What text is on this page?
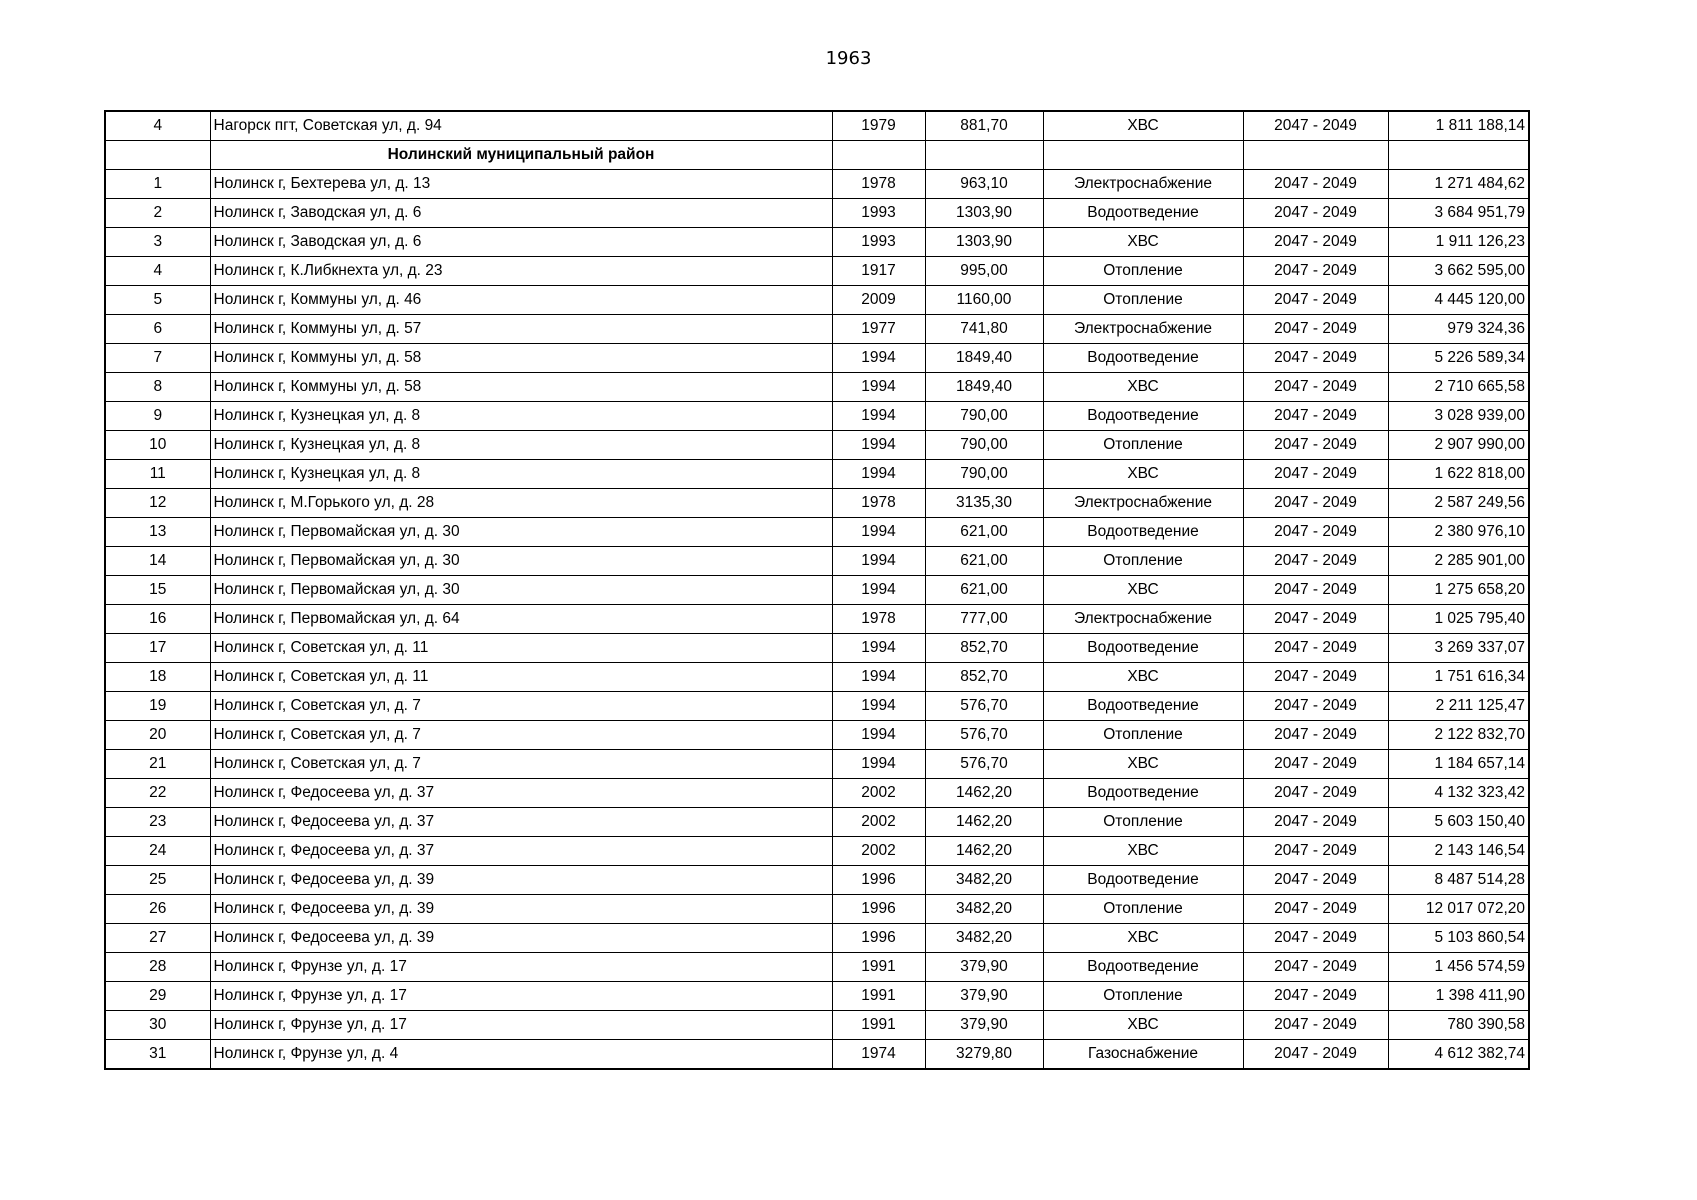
1963
4	Нагорск пгт, Советская ул, д. 94	1979	881,70	ХВС	2047 - 2049	1 811 188,14
	Нолинский муниципальный район					
1	Нолинск г, Бехтерева ул, д. 13	1978	963,10	Электроснабжение	2047 - 2049	1 271 484,62
2	Нолинск г, Заводская ул, д. 6	1993	1303,90	Водоотведение	2047 - 2049	3 684 951,79
3	Нолинск г, Заводская ул, д. 6	1993	1303,90	ХВС	2047 - 2049	1 911 126,23
4	Нолинск г, К.Либкнехта ул, д. 23	1917	995,00	Отопление	2047 - 2049	3 662 595,00
5	Нолинск г, Коммуны ул, д. 46	2009	1160,00	Отопление	2047 - 2049	4 445 120,00
6	Нолинск г, Коммуны ул, д. 57	1977	741,80	Электроснабжение	2047 - 2049	979 324,36
7	Нолинск г, Коммуны ул, д. 58	1994	1849,40	Водоотведение	2047 - 2049	5 226 589,34
8	Нолинск г, Коммуны ул, д. 58	1994	1849,40	ХВС	2047 - 2049	2 710 665,58
9	Нолинск г, Кузнецкая ул, д. 8	1994	790,00	Водоотведение	2047 - 2049	3 028 939,00
10	Нолинск г, Кузнецкая ул, д. 8	1994	790,00	Отопление	2047 - 2049	2 907 990,00
11	Нолинск г, Кузнецкая ул, д. 8	1994	790,00	ХВС	2047 - 2049	1 622 818,00
12	Нолинск г, М.Горького ул, д. 28	1978	3135,30	Электроснабжение	2047 - 2049	2 587 249,56
13	Нолинск г, Первомайская ул, д. 30	1994	621,00	Водоотведение	2047 - 2049	2 380 976,10
14	Нолинск г, Первомайская ул, д. 30	1994	621,00	Отопление	2047 - 2049	2 285 901,00
15	Нолинск г, Первомайская ул, д. 30	1994	621,00	ХВС	2047 - 2049	1 275 658,20
16	Нолинск г, Первомайская ул, д. 64	1978	777,00	Электроснабжение	2047 - 2049	1 025 795,40
17	Нолинск г, Советская ул, д. 11	1994	852,70	Водоотведение	2047 - 2049	3 269 337,07
18	Нолинск г, Советская ул, д. 11	1994	852,70	ХВС	2047 - 2049	1 751 616,34
19	Нолинск г, Советская ул, д. 7	1994	576,70	Водоотведение	2047 - 2049	2 211 125,47
20	Нолинск г, Советская ул, д. 7	1994	576,70	Отопление	2047 - 2049	2 122 832,70
21	Нолинск г, Советская ул, д. 7	1994	576,70	ХВС	2047 - 2049	1 184 657,14
22	Нолинск г, Федосеева ул, д. 37	2002	1462,20	Водоотведение	2047 - 2049	4 132 323,42
23	Нолинск г, Федосеева ул, д. 37	2002	1462,20	Отопление	2047 - 2049	5 603 150,40
24	Нолинск г, Федосеева ул, д. 37	2002	1462,20	ХВС	2047 - 2049	2 143 146,54
25	Нолинск г, Федосеева ул, д. 39	1996	3482,20	Водоотведение	2047 - 2049	8 487 514,28
26	Нолинск г, Федосеева ул, д. 39	1996	3482,20	Отопление	2047 - 2049	12 017 072,20
27	Нолинск г, Федосеева ул, д. 39	1996	3482,20	ХВС	2047 - 2049	5 103 860,54
28	Нолинск г, Фрунзе ул, д. 17	1991	379,90	Водоотведение	2047 - 2049	1 456 574,59
29	Нолинск г, Фрунзе ул, д. 17	1991	379,90	Отопление	2047 - 2049	1 398 411,90
30	Нолинск г, Фрунзе ул, д. 17	1991	379,90	ХВС	2047 - 2049	780 390,58
31	Нолинск г, Фрунзе ул, д. 4	1974	3279,80	Газоснабжение	2047 - 2049	4 612 382,74
